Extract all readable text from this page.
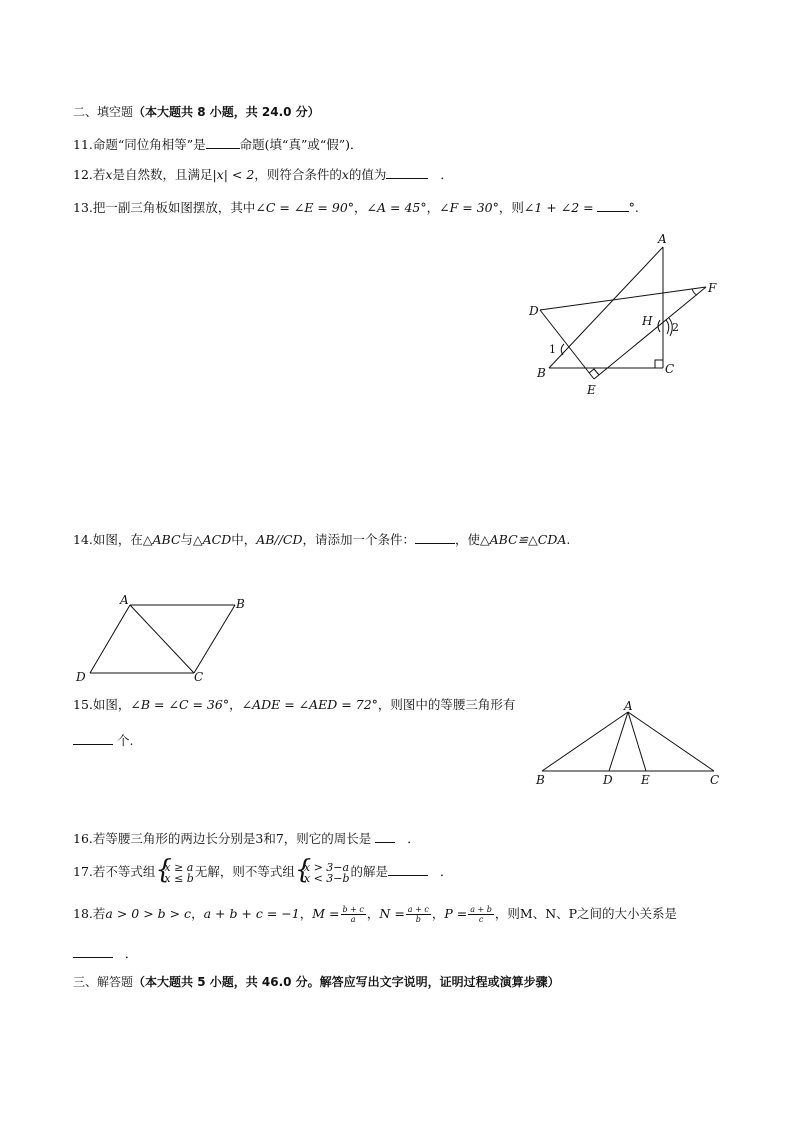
二、填空题（本大题共 8 小题，共 24.0 分）
11.命题“同位角相等”是	命题(填“真”或“假”)．
12.若x是自然数，且满足|x| < 2，则符合条件的x的值为	．
13.把一副三角板如图摆放，其中∠C = ∠E = 90°，∠A = 45°，∠F = 30°，则∠1 + ∠2 =	°.
A
F
D
H 2
1
B	C
E
14.如图，在△ABC与△ACD中，AB//CD，请添加一个条件：	，使△ABC≌△CDA.
A	B
D	C
15.如图，∠B = ∠C = 36°，∠ADE = ∠AED = 72°，则图中的等腰三角形有
个.
A
B	D E	C
16.若等腰三角形的两边长分别是3和7，则它的周长是	．
17.若不等式组 { x ≥ a
x ≤ b 无解，则不等式组 { x > 3−a
x < 3−b 的解是	．
18.若a > 0 > b > c，a + b + c = −1，$M = \frac{b + c}{a}$ ，$N = \frac{a + c}{b}$ ，$P = \frac{a + b}{c}$ ，则M、N、P之间的大小关系是
．
三、解答题（本大题共 5 小题，共 46.0 分。解答应写出文字说明，证明过程或演算步骤）
